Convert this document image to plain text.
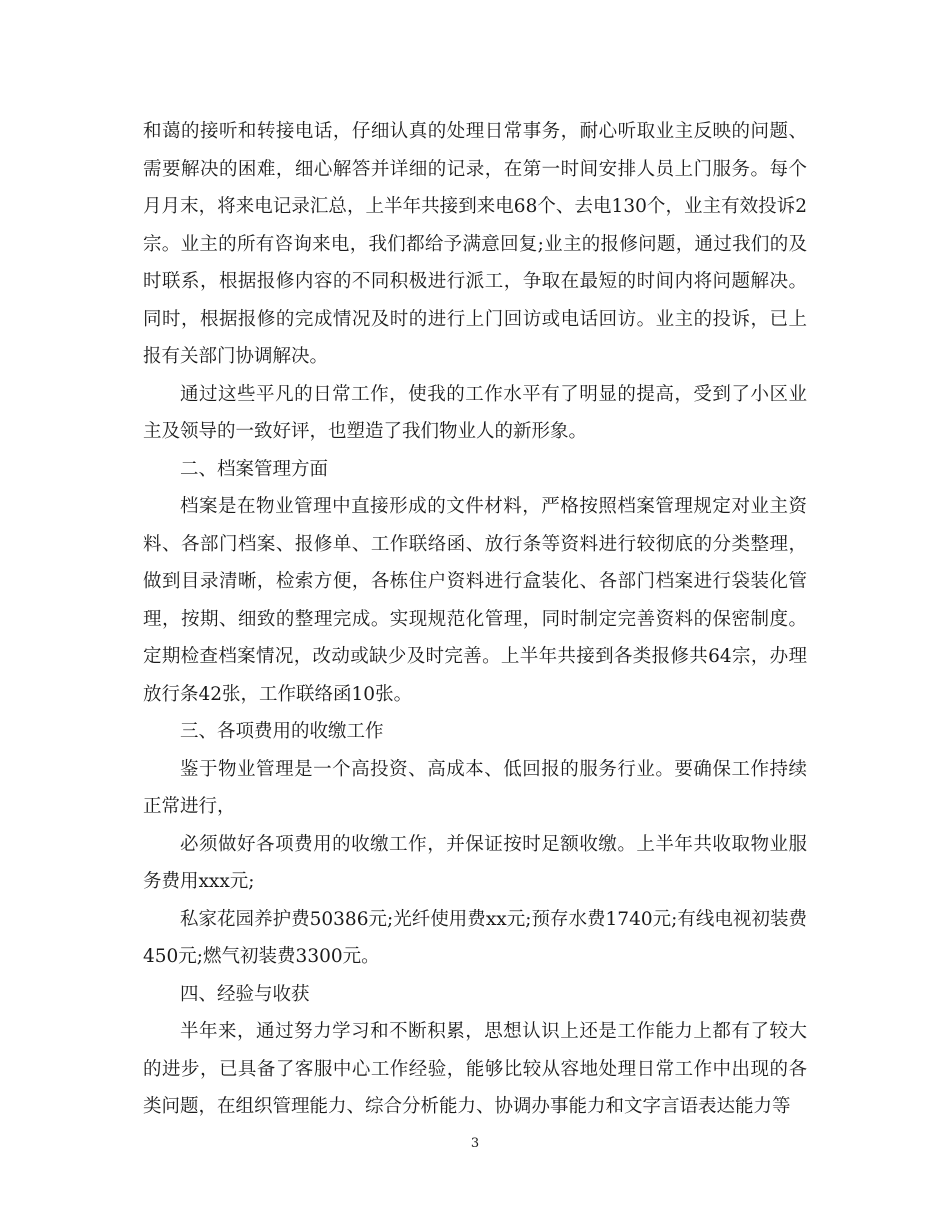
和蔼的接听和转接电话，仔细认真的处理日常事务，耐心听取业主反映的问题、需要解决的困难，细心解答并详细的记录，在第一时间安排人员上门服务。每个月月末，将来电记录汇总，上半年共接到来电68个、去电130个，业主有效投诉2宗。业主的所有咨询来电，我们都给予满意回复;业主的报修问题，通过我们的及时联系，根据报修内容的不同积极进行派工，争取在最短的时间内将问题解决。同时，根据报修的完成情况及时的进行上门回访或电话回访。业主的投诉，已上报有关部门协调解决。

通过这些平凡的日常工作，使我的工作水平有了明显的提高，受到了小区业主及领导的一致好评，也塑造了我们物业人的新形象。

二、档案管理方面

档案是在物业管理中直接形成的文件材料，严格按照档案管理规定对业主资料、各部门档案、报修单、工作联络函、放行条等资料进行较彻底的分类整理，做到目录清晰，检索方便，各栋住户资料进行盒装化、各部门档案进行袋装化管理，按期、细致的整理完成。实现规范化管理，同时制定完善资料的保密制度。定期检查档案情况，改动或缺少及时完善。上半年共接到各类报修共64宗，办理放行条42张，工作联络函10张。

三、各项费用的收缴工作

鉴于物业管理是一个高投资、高成本、低回报的服务行业。要确保工作持续正常进行，

必须做好各项费用的收缴工作，并保证按时足额收缴。上半年共收取物业服务费用xxx元;

私家花园养护费50386元;光纤使用费xx元;预存水费1740元;有线电视初装费450元;燃气初装费3300元。

四、经验与收获

半年来，通过努力学习和不断积累，思想认识上还是工作能力上都有了较大的进步，已具备了客服中心工作经验，能够比较从容地处理日常工作中出现的各类问题，在组织管理能力、综合分析能力、协调办事能力和文字言语表达能力等

3
